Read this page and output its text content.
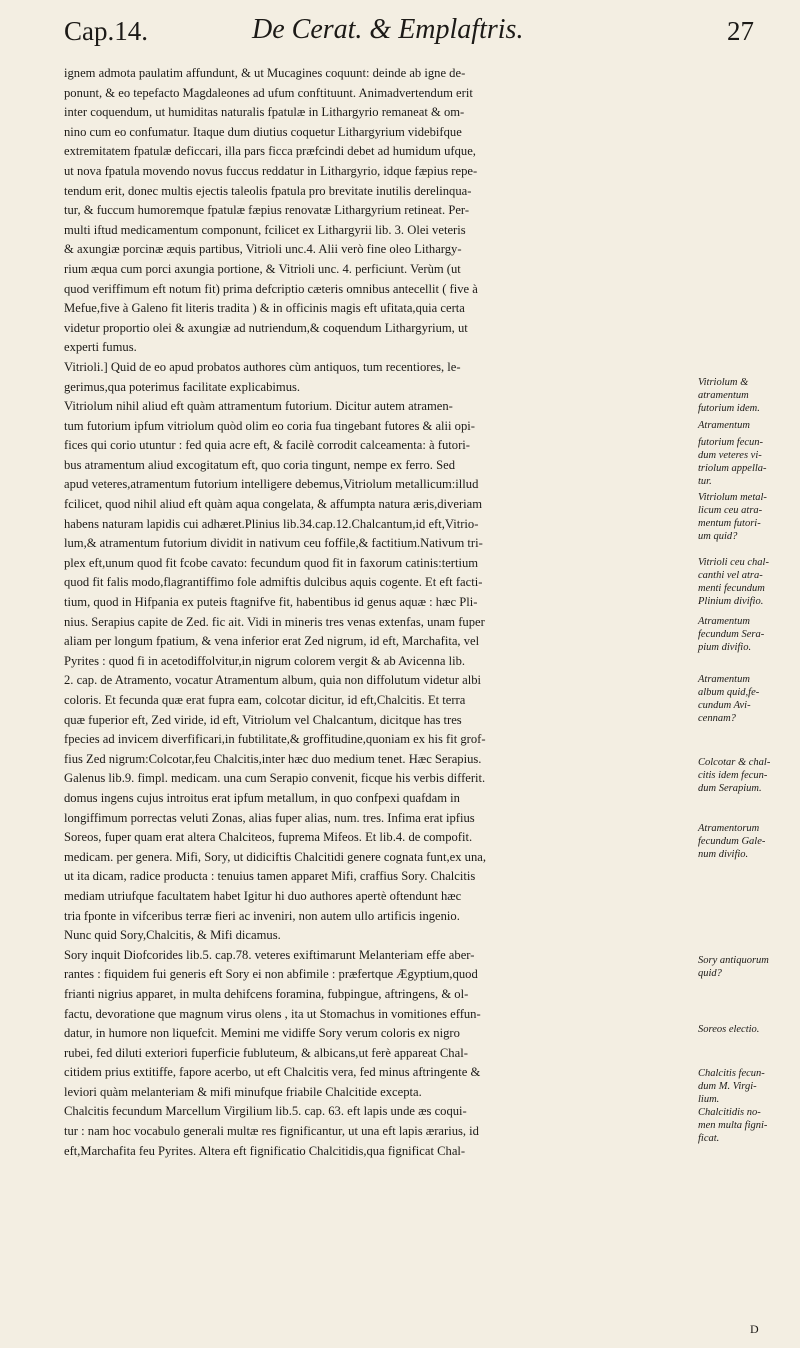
Cap.14.	De Cerat. & Emplaftris.	27
ignem admota paulatim affundunt, & ut Mucagines coquunt: deinde ab igne de-
ponunt, & eo tepefacto Magdaleones ad ufum conftituunt. Animadvertendum erit
inter coquendum, ut humiditas naturalis fpatulæ in Lithargyrio remaneat & om-
nino cum eo confumatur. Itaque dum diutius coquetur Lithargyrium videbifque
extremitatem fpatulæ deficcari, illa pars ficca præfcindi debet ad humidum ufque,
ut nova fpatula movendo novus fuccus reddatur in Lithargyrio, idque fæpius repe-
tendum erit, donec multis ejectis taleolis fpatula pro brevitate inutilis derelinqua-
tur, & fuccum humoremque fpatulæ fæpius renovatæ Lithargyrium retineat. Per-
multi iftud medicamentum componunt, fcilicet ex Lithargyrii lib. 3. Olei veteris
& axungiæ porcinæ æquis partibus, Vitrioli unc.4. Alii verò fine oleo Lithargy-
rium æqua cum porci axungia portione, & Vitrioli unc. 4. perficiunt. Verùm (ut
quod veriffimum eft notum fit) prima defcriptio cæteris omnibus antecellit ( five à
Mefue,five à Galeno fit literis tradita ) & in officinis magis eft ufitata,quia certa
videtur proportio olei & axungiæ ad nutriendum,& coquendum Lithargyrium, ut
experti fumus.
Vitrioli.] Quid de eo apud probatos authores cùm antiquos, tum recentiores, le-
gerimus,qua poterimus facilitate explicabimus.
Vitriolum nihil aliud eft quàm attramentum futorium. Dicitur autem atramen-
tum futorium ipfum vitriolum quòd olim eo coria fua tingebant futores & alii opi-
fices qui corio utuntur : fed quia acre eft, & facilè corrodit calceamenta: à futori-
bus atramentum aliud excogitatum eft, quo coria tingunt, nempe ex ferro. Sed
apud veteres,atramentum futorium intelligere debemus,Vitriolum metallicum:illud
fcilicet, quod nihil aliud eft quàm aqua congelata, & affumpta natura æris,diveriam
habens naturam lapidis cui adhæret.Plinius lib.34.cap.12.Chalcantum,id eft,Vitrio-
lum,& atramentum futorium dividit in nativum ceu foffile,& factitium.Nativum tri-
plex eft,unum quod fit fcobe cavato: fecundum quod fit in faxorum catinis:tertium
quod fit falis modo,flagrantiffimo fole admiftis dulcibus aquis cogente. Et eft facti-
tium, quod in Hifpania ex puteis ftagnifve fit, habentibus id genus aquæ : hæc Pli-
nius. Serapius capite de Zed. fic ait. Vidi in mineris tres venas extenfas, unam fuper
aliam per longum fpatium, & vena inferior erat Zed nigrum, id eft, Marchafita, vel
Pyrites : quod fi in acetodiffolvitur,in nigrum colorem vergit & ab Avicenna lib.
2. cap. de Atramento, vocatur Atramentum album, quia non diffolutum videtur albi
coloris. Et fecunda quæ erat fupra eam, colcotar dicitur, id eft,Chalcitis. Et terra
quæ fuperior eft, Zed viride, id eft, Vitriolum vel Chalcantum, dicitque has tres
fpecies ad invicem diverfificari,in fubtilitate,& groffitudine,quoniam ex his fit grof-
fius Zed nigrum:Colcotar,feu Chalcitis,inter hæc duo medium tenet. Hæc Serapius.
Galenus lib.9. fimpl. medicam. una cum Serapio convenit, ficque his verbis differit.
domus ingens cujus introitus erat ipfum metallum, in quo confpexi quafdam in
longiffimum porrectas veluti Zonas, alias fuper alias, num. tres. Infima erat ipfius
Soreos, fuper quam erat altera Chalciteos, fuprema Mifeos. Et lib.4. de compofit.
medicam. per genera. Mifi, Sory, ut didiciftis Chalcitidi genere cognata funt,ex una,
ut ita dicam, radice producta : tenuius tamen apparet Mifi, craffius Sory. Chalcitis
mediam utriufque facultatem habet Igitur hi duo authores apertè oftendunt hæc
tria fponte in vifceribus terræ fieri ac inveniri, non autem ullo artificis ingenio.
Nunc quid Sory,Chalcitis, & Mifi dicamus.
Sory inquit Diofcorides lib.5. cap.78. veteres exiftimarunt Melanteriam effe aber-
rantes : fiquidem fui generis eft Sory ei non abfimile : præfertque Ægyptium,quod
frianti nigrius apparet, in multa dehifcens foramina, fubpingue, aftringens, & ol-
factu, devoratione que magnum virus olens , ita ut Stomachus in vomitiones effun-
datur, in humore non liquefcit. Memini me vidiffe Sory verum coloris ex nigro
rubei, fed diluti exteriori fuperficie fubluteum, & albicans,ut ferè appareat Chal-
citidem prius extitiffe, fapore acerbo, ut eft Chalcitis vera, fed minus aftringente &
leviori quàm melanteriam & mifi minufque friabile Chalcitide excepta.
Chalcitis fecundum Marcellum Virgilium lib.5. cap. 63. eft lapis unde æs coqui-
tur : nam hoc vocabulo generali multæ res fignificantur, ut una eft lapis ærarius, id
eft,Marchafita feu Pyrites. Altera eft fignificatio Chalcitidis,qua fignificat Chal-
Vitriolum &
atramentum
futorium idem.
Atramentum
futorium fecun-
dum veteres vi-
triolum appella-
tur.
Vitriolum metal-
licum ceu atra-
mentum futori-
um quid?
Vitrioli ceu chal-
canthi vel atra-
menti fecundum
Plinium divifio.
Atramentum
fecundum Sera-
pium divifio.
Atramentum
album quid,fe-
cundum Avi-
cennam?
Colcotar & chal-
citis idem fecun-
dum Serapium.
Atramentorum
fecundum Gale-
num divifio.
Sory antiquorum
quid?
Soreos electio.
Chalcitis fecun-
dum M. Virgi-
lium.
Chalcitidis no-
men multa figni-
ficat.
D
